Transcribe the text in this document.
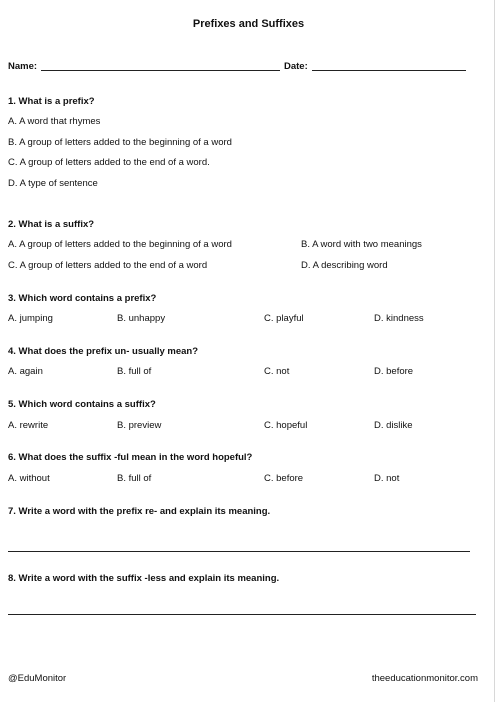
Prefixes and Suffixes
Name:	Date:
1. What is a prefix?
A. A word that rhymes
B. A group of letters added to the beginning of a word
C. A group of letters added to the end of a word.
D. A type of sentence
2. What is a suffix?
A. A group of letters added to the beginning of a word	B. A word with two meanings
C. A group of letters added to the end of a word	D. A describing word
3. Which word contains a prefix?
A. jumping	B. unhappy	C. playful	D. kindness
4. What does the prefix un- usually mean?
A. again	B. full of	C. not	D. before
5. Which word contains a suffix?
A. rewrite	B. preview	C. hopeful	D. dislike
6. What does the suffix -ful mean in the word hopeful?
A. without	B. full of	C. before	D. not
7. Write a word with the prefix re- and explain its meaning.
8. Write a word with the suffix -less and explain its meaning.
@EduMonitor	theeducationmonitor.com
